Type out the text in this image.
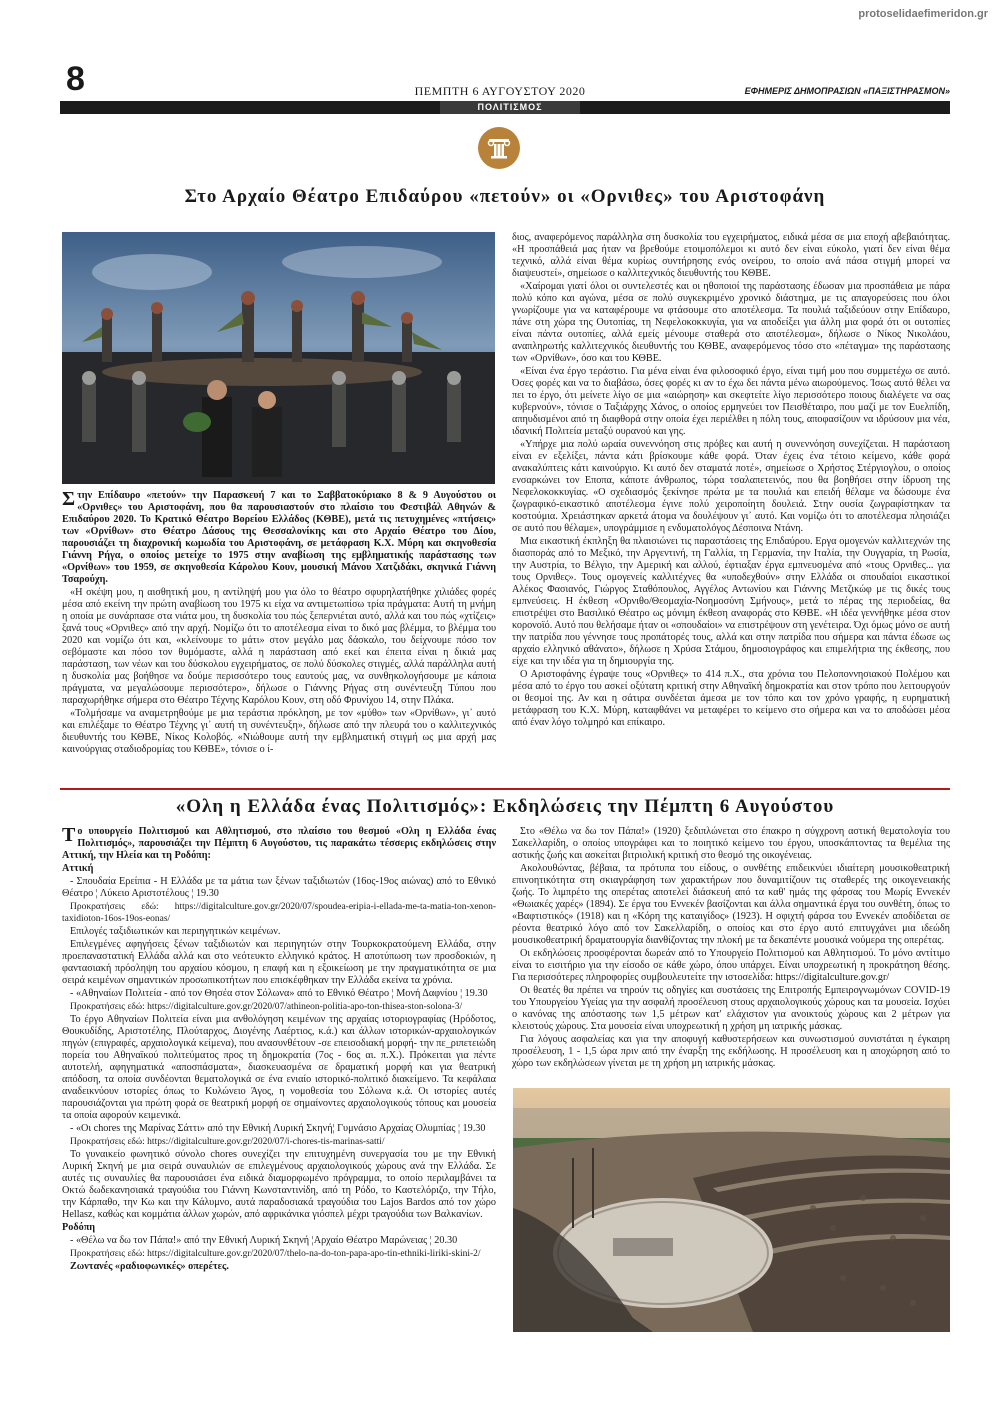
protoselidaefimeridon.gr
8	ΠΕΜΠΤΗ 6 ΑΥΓΟΥΣΤΟΥ 2020	ΕΦΗΜΕΡΙΣ ΔΗΜΟΠΡΑΣΙΩΝ «ΠΑΞΙΣΤΗΡΑΣΜΟΝ»
ΠΟΛΙΤΙΣΜΟΣ
Στο Αρχαίο Θέατρο Επιδαύρου «πετούν» οι «Ορνιθες» του Αριστοφάνη

Στην Επίδαυρο «πετούν» την Παρασκευή 7 και το Σαββατοκύριακο 8 & 9 Αυγούστου οι «Ορνιθες» του Αριστοφάνη, που θα παρουσιαστούν στο πλαίσιο του Φεστιβάλ Αθηνών & Επιδαύρου 2020. Το Κρατικό Θέατρο Βορείου Ελλάδος (ΚΘΒΕ), μετά τις πετυχημένες «πτήσεις» των «Ορνίθων» στο Θέατρο Δάσους της Θεσσαλονίκης και στο Αρχαίο Θέατρο του Δίου, παρουσιάζει τη διαχρονική κωμωδία του Αριστοφάνη, σε μετάφραση Κ.Χ. Μύρη και σκηνοθεσία Γιάννη Ρήγα, ο οποίος μετείχε το 1975 στην αναβίωση της εμβληματικής παράστασης των «Ορνίθων» του 1959, σε σκηνοθεσία Κάρολου Κουν, μουσική Μάνου Χατζιδάκι, σκηνικά Γιάννη Τσαρούχη.

«Η σκέψη μου, η αισθητική μου, η αντίληψή μου για όλο το θέατρο σφυρηλατήθηκε χιλιάδες φορές μέσα από εκείνη την πρώτη αναβίωση του 1975 κι είχα να αντιμετωπίσω τρία πράγματα: Αυτή τη μνήμη η οποία με συνάρπασε στα νιάτα μου, τη δυσκολία του πώς ξεπερνιέται αυτό, αλλά και του πώς «χτίζεις» ξανά τους «Ορνιθες» από την αρχή. Νομίζω ότι το αποτέλεσμα είναι το δικό μας βλέμμα, το βλέμμα του 2020 και νομίζω ότι και, «κλείνουμε το μάτι» στον μεγάλο μας δάσκαλο, του δείχνουμε πόσο τον σεβόμαστε και πόσο τον θυμόμαστε, αλλά η παράσταση από εκεί και έπειτα είναι η δικιά μας παράσταση, των νέων και του δύσκολου εγχειρήματος, σε πολύ δύσκολες στιγμές, αλλά παράλληλα αυτή η δυσκολία μας βοήθησε να δούμε περισσότερο τους εαυτούς μας, να συνθηκολογήσουμε με κάποια πράγματα, να μεγαλώσουμε περισσότερο», δήλωσε ο Γιάννης Ρήγας στη συνέντευξη Τύπου που παραχωρήθηκε σήμερα στο Θέατρο Τέχνης Καρόλου Κουν, στη οδό Φρυνίχου 14, στην Πλάκα.

«Τολμήσαμε να αναμετρηθούμε με μια τεράστια πρόκληση, με τον «μύθο» των «Ορνίθων», γι᾽ αυτό και επιλέξαμε το Θέατρο Τέχνης γι᾽ αυτή τη συνέντευξη», δήλωσε από την πλευρά του ο καλλιτεχνικός διευθυντής του ΚΘΒΕ, Νίκος Κολοβός. «Νιώθουμε αυτή την εμβληματική στιγμή ως μια αρχή μας καινούργιας σταδιοδρομίας του ΚΘΒΕ», τόνισε ο ί-

διος, αναφερόμενος παράλληλα στη δυσκολία του εγχειρήματος, ειδικά μέσα σε μια εποχή αβεβαιότητας. «Η προσπάθειά μας ήταν να βρεθούμε ετοιμοπόλεμοι κι αυτό δεν είναι εύκολο, γιατί δεν είναι θέμα τεχνικό, αλλά είναι θέμα κυρίως συντήρησης ενός ονείρου, το οποίο ανά πάσα στιγμή μπορεί να διαψευστεί», σημείωσε ο καλλιτεχνικός διευθυντής του ΚΘΒΕ.

«Χαίρομαι γιατί όλοι οι συντελεστές και οι ηθοποιοί της παράστασης έδωσαν μια προσπάθεια με πάρα πολύ κόπο και αγώνα, μέσα σε πολύ συγκεκριμένο χρονικό διάστημα, με τις απαγορεύσεις που όλοι γνωρίζουμε για να καταφέρουμε να φτάσουμε στο αποτέλεσμα. Τα πουλιά ταξιδεύουν στην Επίδαυρο, πάνε στη χώρα της Ουτοπίας, τη Νεφελοκοκκυγία, για να αποδείξει για άλλη μια φορά ότι οι ουτοπίες είναι πάντα ουτοπίες, αλλά εμείς μένουμε σταθερά στο αποτέλεσμα», δήλωσε ο Νίκος Νικολάου, αναπληρωτής καλλιτεχνικός διευθυντής του ΚΘΒΕ, αναφερόμενος τόσο στο «πέταγμα» της παράστασης των «Ορνίθων», όσο και του ΚΘΒΕ.

«Είναι ένα έργο τεράστιο. Για μένα είναι ένα φιλοσοφικό έργο, είναι τιμή μου που συμμετέχω σε αυτό. Όσες φορές και να το διαβάσω, όσες φορές κι αν το έχω δει πάντα μένω αιωρούμενος. Ίσως αυτό θέλει να πει το έργο, ότι μείνετε λίγο σε μια «αιώρηση» και σκεφτείτε λίγο περισσότερο ποιους διαλέγετε να σας κυβερνούν», τόνισε ο Ταξιάρχης Χάνος, ο οποίος ερμηνεύει τον Πεισθέταιρο, που μαζί με τον Ευελπίδη, απηυδισμένοι από τη διαφθορά στην οποία έχει περιέλθει η πόλη τους, αποφασίζουν να ιδρύσουν μια νέα, ιδανική Πολιτεία μεταξύ ουρανού και γης.

«Υπήρχε μια πολύ ωραία συνεννόηση στις πρόβες και αυτή η συνεννόηση συνεχίζεται. Η παράσταση είναι εν εξελίξει, πάντα κάτι βρίσκουμε κάθε φορά. Όταν έχεις ένα τέτοιο κείμενο, κάθε φορά ανακαλύπτεις κάτι καινούργιο. Κι αυτό δεν σταματά ποτέ», σημείωσε ο Χρήστος Στέργιογλου, ο οποίος ενσαρκώνει τον Εποπα, κάποτε άνθρωπος, τώρα τσαλαπετεινός, που θα βοηθήσει στην ίδρυση της Νεφελοκοκκυγίας. «Ο σχεδιασμός ξεκίνησε πρώτα με τα πουλιά και επειδή θέλαμε να δώσουμε ένα ζωγραφικό-εικαστικό αποτέλεσμα έγινε πολύ χειροποίητη δουλειά. Στην ουσία ζωγραφίστηκαν τα κοστούμια. Χρειάστηκαν αρκετά άτομα να δουλέψουν γι᾽ αυτό. Και νομίζω ότι το αποτέλεσμα πλησιάζει σε αυτό που θέλαμε», υπογράμμισε η ενδυματολόγος Δέσποινα Ντάνη.

Μια εικαστική έκπληξη θα πλαισιώνει τις παραστάσεις της Επιδαύρου. Εργα ομογενών καλλιτεχνών της διασποράς από το Μεξικό, την Αργεντινή, τη Γαλλία, τη Γερμανία, την Ιταλία, την Ουγγαρία, τη Ρωσία, την Αυστρία, το Βέλγιο, την Αμερική και αλλού, έφτιαξαν έργα εμπνευσμένα από «τους Ορνιθες... για τους Ορνιθες». Τους ομογενείς καλλιτέχνες θα «υποδεχθούν» στην Ελλάδα οι σπουδαίοι εικαστικοί Αλέκος Φασιανός, Γιώργος Σταθόπουλος, Αγγέλος Αντωνίου και Γιάννης Μετζικώφ με τις δικές τους εμπνεύσεις. Η έκθεση «Ορνιθο/Θεομαχία-Νοημοσύνη Σμήνους», μετά το πέρας της περιοδείας, θα επιστρέψει στο Βασιλικό Θέατρο ως μόνιμη έκθεση αναφοράς στο ΚΘΒΕ. «Η ιδέα γεννήθηκε μέσα στον κορονοϊό. Αυτό που θελήσαμε ήταν οι «σπουδαίοι» να επιστρέψουν στη γενέτειρα. Όχι όμως μόνο σε αυτή την πατρίδα που γέννησε τους προπάτορές τους, αλλά και στην πατρίδα που σήμερα και πάντα έδωσε ως αρχαίο ελληνικό αθάνατο», δήλωσε η Χρύσα Στάμου, δημοσιογράφος και επιμελήτρια της έκθεσης, που είχε και την ιδέα για τη δημιουργία της.

Ο Αριστοφάνης έγραψε τους «Ορνιθες» το 414 π.Χ., στα χρόνια του Πελοποννησιακού Πολέμου και μέσα από το έργο του ασκεί οξύτατη κριτική στην Αθηναϊκή δημοκρατία και στον τρόπο που λειτουργούν οι θεσμοί της. Αν και η σάτιρα συνδέεται άμεσα με τον τόπο και τον χρόνο γραφής, η ευρηματική μετάφραση του Κ.Χ. Μύρη, καταφθάνει να μεταφέρει το κείμενο στο σήμερα και να το αποδώσει μέσα από έναν λόγο τολμηρό και επίκαιρο.

«Ολη η Ελλάδα ένας Πολιτισμός»: Εκδηλώσεις την Πέμπτη 6 Αυγούστου

Το υπουργείο Πολιτισμού και Αθλητισμού, στο πλαίσιο του θεσμού «Ολη η Ελλάδα ένας Πολιτισμός», παρουσιάζει την Πέμπτη 6 Αυγούστου, τις παρακάτω τέσσερις εκδηλώσεις στην Αττική, την Ηλεία και τη Ροδόπη:

Αττική

- Σπουδαία Ερείπια - Η Ελλάδα με τα μάτια των ξένων ταξιδιωτών (16ος-19ος αιώνας) από το Εθνικό Θέατρο ¦ Λύκειο Αριστοτέλους ¦ 19.30

Προκρατήσεις εδώ: https://digitalculture.gov.gr/2020/07/spoudea-eripia-i-ellada-me-ta-matia-ton-xenon-taxidioton-16os-19os-eonas/

Επιλογές ταξιδιωτικών και περιηγητικών κειμένων.

Επιλεγμένες αφηγήσεις ξένων ταξιδιωτών και περιηγητών στην Τουρκοκρατούμενη Ελλάδα, στην προεπαναστατική Ελλάδα αλλά και στο νεότευκτο ελληνικό κράτος. Η αποτύπωση των προσδοκιών, η φαντασιακή πρόσληψη του αρχαίου κόσμου, η επαφή και η εξοικείωση με την πραγματικότητα σε μια σειρά κειμένων σημαντικών προσωπικοτήτων που επισκέφθηκαν την Ελλάδα εκείνα τα χρόνια.

- «Αθηναίων Πολιτεία - από τον Θησέα στον Σόλωνα» από το Εθνικό Θέατρο ¦ Μονή Δαφνίου ¦ 19.30

Προκρατήσεις εδώ: https://digitalculture.gov.gr/2020/07/athineon-politia-apo-ton-thisea-ston-solona-3/

Το έργο Αθηναίων Πολιτεία είναι μια ανθολόγηση κειμένων της αρχαίας ιστοριογραφίας (Ηρόδοτος, Θουκυδίδης, Αριστοτέλης, Πλούταρχος, Διογένης Λαέρτιος, κ.ά.) και άλλων ιστορικών-αρχαιολογικών πηγών (επιγραφές, αρχαιολογικά κείμενα), που ανασυνθέτουν -σε επεισοδιακή μορφή- την πε_ριπετειώδη πορεία του Αθηναϊκού πολιτεύματος προς τη δημοκρατία (7ος - 6ος αι. π.Χ.). Πρόκειται για πέντε αυτοτελή, αφηγηματικά «αποσπάσματα», διασκευασμένα σε δραματική μορφή και για θεατρική απόδοση, τα οποία συνδέονται θεματολογικά σε ένα ενιαίο ιστορικό-πολιτικό διακείμενο. Τα κεφάλαια αναδεικνύουν ιστορίες όπως το Κυλώνειο Άγος, η νομοθεσία του Σόλωνα κ.ά. Οι ιστορίες αυτές παρουσιάζονται για πρώτη φορά σε θεατρική μορφή σε σημαίνοντες αρχαιολογικούς τόπους και μουσεία τα οποία αφορούν κειμενικά.

- «Οι chores της Μαρίνας Σάττι» από την Εθνική Λυρική Σκηνή¦ Γυμνάσιο Αρχαίας Ολυμπίας ¦ 19.30

Προκρατήσεις εδώ: https://digitalculture.gov.gr/2020/07/i-chores-tis-marinas-satti/

Το γυναικείο φωνητικό σύνολο chores συνεχίζει την επιτυχημένη συνεργασία του με την Εθνική Λυρική Σκηνή με μια σειρά συναυλιών σε επιλεγμένους αρχαιολογικούς χώρους ανά την Ελλάδα. Σε αυτές τις συναυλίες θα παρουσιάσει ένα ειδικά διαμορφωμένο πρόγραμμα, το οποίο περιλαμβάνει τα Οκτώ δωδεκανησιακά τραγούδια του Γιάννη Κωνσταντινίδη, από τη Ρόδο, το Καστελόριζο, την Τήλο, την Κάρπαθο, την Κω και την Κάλυμνο, αυτά παραδοσιακά τραγούδια του Lajos Bardos από τον χώρο Hellasz, καθώς και κομμάτια άλλων χωρών, από αφρικάνικα γιόσπελ μέχρι τραγούδια των Βαλκανίων.

Ροδόπη

- «Θέλω να δω τον Πάπα!» από την Εθνική Λυρική Σκηνή ¦Αρχαίο Θέατρο Μαρώνειας ¦ 20.30

Προκρατήσεις εδώ: https://digitalculture.gov.gr/2020/07/thelo-na-do-ton-papa-apo-tin-ethniki-liriki-skini-2/

Ζωντανές «ραδιοφωνικές» οπερέτες.

Στο «Θέλω να δω τον Πάπα!» (1920) ξεδιπλώνεται στο έπακρο η σύγχρονη αστική θεματολογία του Σακελλαρίδη, ο οποίος υπογράφει και το ποιητικό κείμενο του έργου, υποσκάπτοντας τα θεμέλια της αστικής ζωής και ασκείται βιτριολική κριτική στο θεσμό της οικογένειας.

Ακολουθώντας, βέβαια, τα πρότυπα του είδους, ο συνθέτης επιδεικνύει ιδιαίτερη μουσικοθεατρική επινοητικότητα στη σκιαγράφηση των χαρακτήρων που δυναμιτίζουν τις σταθερές της οικογενειακής ζωής. Το λιμπρέτο της οπερέτας αποτελεί διάσκευή από τα καθ' ημάς της φάρσας του Μωρίς Εννεκέν «Θωιακές χαρές» (1894). Σε έργα του Εννεκέν βασίζονται και άλλα σημαντικά έργα του συνθέτη, όπως το «Βαφτιστικός» (1918) και η «Κόρη της καταιγίδος» (1923). Η σφιχτή φάρσα του Εννεκέν αποδίδεται σε ρέοντα θεατρικό λόγο από τον Σακελλαρίδη, ο οποίος και στο έργο αυτό επιτυγχάνει μια ιδεώδη μουσικοθεατρική δραματουργία διανθίζοντας την πλοκή με τα δεκαπέντε μουσικά νούμερα της οπερέτας.

Οι εκδηλώσεις προσφέρονται δωρεάν από το Υπουργείο Πολιτισμού και Αθλητισμού. Το μόνο αντίτιμο είναι το εισιτήριο για την είσοδο σε κάθε χώρο, όπου υπάρχει. Είναι υποχρεωτική η προκράτηση θέσης. Για περισσότερες πληροφορίες συμβουλευτείτε την ιστοσελίδα: https://digitalculture.gov.gr/

Οι θεατές θα πρέπει να τηρούν τις οδηγίες και συστάσεις της Επιτροπής Εμπειρογνωμόνων COVID-19 του Υπουργείου Υγείας για την ασφαλή προσέλευση στους αρχαιολογικούς χώρους και τα μουσεία. Ισχύει ο κανόνας της απόστασης των 1,5 μέτρων κατ' ελάχιστον για ανοικτούς χώρους και 2 μέτρων για κλειστούς χώρους. Στα μουσεία είναι υποχρεωτική η χρήση μη ιατρικής μάσκας.

Για λόγους ασφαλείας και για την αποφυγή καθυστερήσεων και συνωστισμού συνιστάται η έγκαιρη προσέλευση, 1 - 1,5 ώρα πριν από την έναρξη της εκδήλωσης. Η προσέλευση και η αποχώρηση από το χώρο των εκδηλώσεων γίνεται με τη χρήση μη ιατρικής μάσκας.
